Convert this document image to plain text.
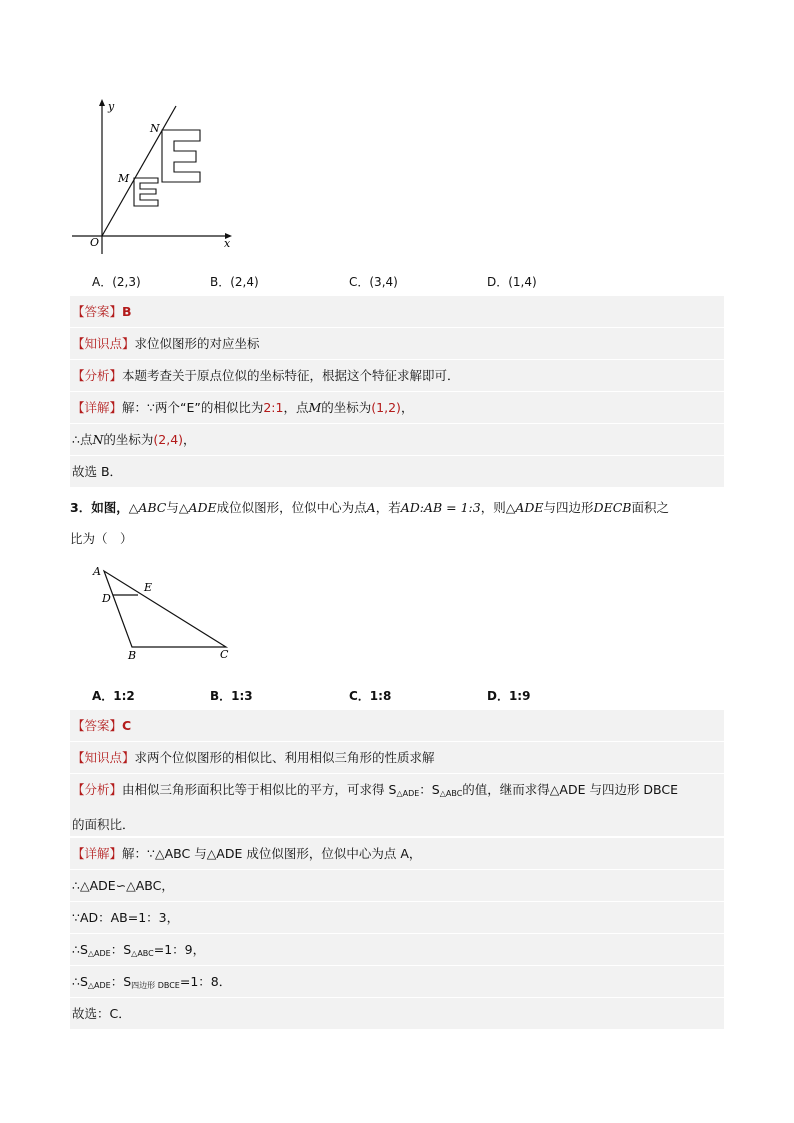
y
x
O
N
M
A．(2,3)	B．(2,4)	C．(3,4)	D．(1,4)
【答案】B
【知识点】求位似图形的对应坐标
【分析】本题考查关于原点位似的坐标特征，根据这个特征求解即可．
【详解】解：∵两个“E”的相似比为2:1，点M的坐标为(1,2)，
∴点N的坐标为(2,4)，
故选 B．
3．如图，△ABC与△ADE成位似图形，位似中心为点A，若AD:AB = 1:3，则△ADE与四边形DECB面积之
比为（　）
A
D
E
B	C
A．1:2	B．1:3	C．1:8	D．1:9
【答案】C
【知识点】求两个位似图形的相似比、利用相似三角形的性质求解
【分析】由相似三角形面积比等于相似比的平方，可求得 $S_{\triangle ADE}$：$S_{\triangle ABC}$的值，继而求得△ADE 与四边形 DBCE
的面积比．
【详解】解：∵△ABC 与△ADE 成位似图形，位似中心为点 A，
∴△ADE∽△ABC，
∵AD：AB=1：3，
$\therefore S_{\triangle ADE}$：$S_{\triangle ABC}=1$：9，
$\therefore S_{\triangle ADE}$：$S_{四边形 DBCE}=1$：8．
故选：C．
